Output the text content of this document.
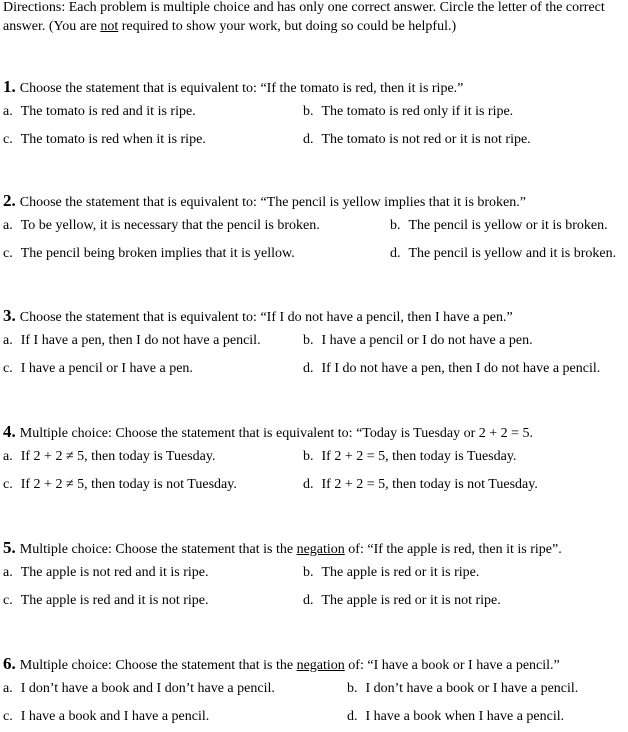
Directions: Each problem is multiple choice and has only one correct answer. Circle the letter of the correct answer. (You are not required to show your work, but doing so could be helpful.)
1. Choose the statement that is equivalent to: “If the tomato is red, then it is ripe.”
a. The tomato is red and it is ripe.	b. The tomato is red only if it is ripe.
c. The tomato is red when it is ripe.	d. The tomato is not red or it is not ripe.
2. Choose the statement that is equivalent to: “The pencil is yellow implies that it is broken.”
a. To be yellow, it is necessary that the pencil is broken.	b. The pencil is yellow or it is broken.
c. The pencil being broken implies that it is yellow.	d. The pencil is yellow and it is broken.
3. Choose the statement that is equivalent to: “If I do not have a pencil, then I have a pen.”
a. If I have a pen, then I do not have a pencil.	b. I have a pencil or I do not have a pen.
c. I have a pencil or I have a pen.	d. If I do not have a pen, then I do not have a pencil.
4. Multiple choice: Choose the statement that is equivalent to: “Today is Tuesday or 2 + 2 = 5.
a. If 2 + 2 ≠ 5, then today is Tuesday.	b. If 2 + 2 = 5, then today is Tuesday.
c. If 2 + 2 ≠ 5, then today is not Tuesday.	d. If 2 + 2 = 5, then today is not Tuesday.
5. Multiple choice: Choose the statement that is the negation of: “If the apple is red, then it is ripe”.
a. The apple is not red and it is ripe.	b. The apple is red or it is ripe.
c. The apple is red and it is not ripe.	d. The apple is red or it is not ripe.
6. Multiple choice: Choose the statement that is the negation of: “I have a book or I have a pencil.”
a. I don’t have a book and I don’t have a pencil.	b. I don’t have a book or I have a pencil.
c. I have a book and I have a pencil.	d. I have a book when I have a pencil.
